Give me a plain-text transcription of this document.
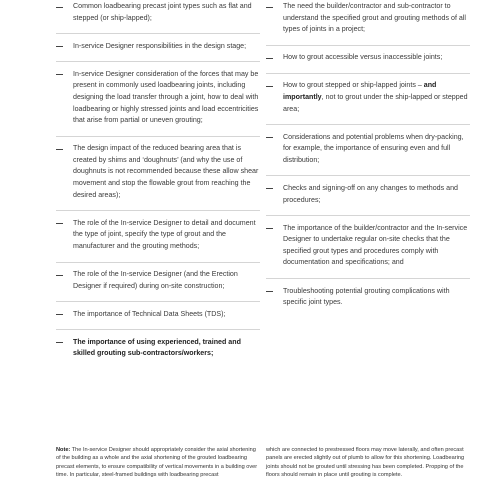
Common loadbearing precast joint types such as flat and stepped (or ship-lapped);
In-service Designer responsibilities in the design stage;
In-service Designer consideration of the forces that may be present in commonly used loadbearing joints, including designing the load transfer through a joint, how to deal with loadbearing or highly stressed joints and load eccentricities that arise from partial or uneven grouting;
The design impact of the reduced bearing area that is created by shims and ‘doughnuts’ (and why the use of doughnuts is not recommended because these allow shear movement and stop the flowable grout from reaching the desired areas);
The role of the In-service Designer to detail and document the type of joint, specify the type of grout and the manufacturer and the grouting methods;
The role of the In-service Designer (and the Erection Designer if required) during on-site construction;
The importance of Technical Data Sheets (TDS);
The importance of using experienced, trained and skilled grouting sub-contractors/workers;
The need the builder/contractor and sub-contractor to understand the specified grout and grouting methods of all types of joints in a project;
How to grout accessible versus inaccessible joints;
How to grout stepped or ship-lapped joints – and importantly, not to grout under the ship-lapped or stepped area;
Considerations and potential problems when dry-packing, for example, the importance of ensuring even and full distribution;
Checks and signing-off on any changes to methods and procedures;
The importance of the builder/contractor and the In-service Designer to undertake regular on-site checks that the specified grout types and procedures comply with documentation and specifications; and
Troubleshooting potential grouting complications with specific joint types.
Note: The In-service Designer should appropriately consider the axial shortening of the building as a whole and the axial shortening of the grouted loadbearing precast elements, to ensure compatibility of vertical movements in a building over time. In particular, steel-framed buildings with loadbearing precast
which are connected to prestressed floors may move laterally, and often precast panels are erected slightly out of plumb to allow for this shortening. Loadbearing joints should not be grouted until stressing has been completed. Propping of the floors should remain in place until grouting is complete.
